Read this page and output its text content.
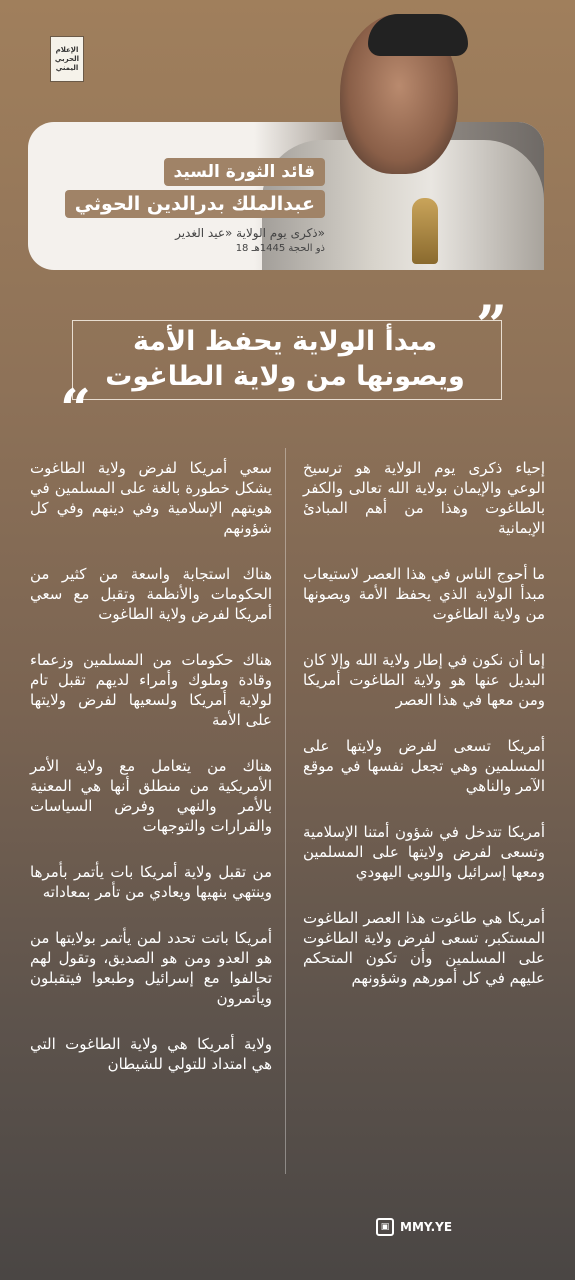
الإعلام الحربي اليمني
قائد الثورة السيد
عبدالملك بدرالدين الحوثي
ذكرى يوم الولاية «عيد الغدير»
18 ذو الحجة 1445هـ
”
“
مبدأ الولاية يحفظ الأمة
ويصونها من ولاية الطاغوت

إحياء ذكرى يوم الولاية هو ترسيخ الوعي والإيمان بولاية الله تعالى والكفر بالطاغوت وهذا من أهم المبادئ الإيمانية

ما أحوج الناس في هذا العصر لاستيعاب مبدأ الولاية الذي يحفظ الأمة ويصونها من ولاية الطاغوت

إما أن نكون في إطار ولاية الله وإلا كان البديل عنها هو ولاية الطاغوت أمريكا ومن معها في هذا العصر

أمريكا تسعى لفرض ولايتها على المسلمين وهي تجعل نفسها في موقع الآمر والناهي

أمريكا تتدخل في شؤون أمتنا الإسلامية وتسعى لفرض ولايتها على المسلمين ومعها إسرائيل واللوبي اليهودي

أمريكا هي طاغوت هذا العصر الطاغوت المستكبر، تسعى لفرض ولاية الطاغوت على المسلمين وأن تكون المتحكم عليهم في كل أمورهم وشؤونهم

سعي أمريكا لفرض ولاية الطاغوت يشكل خطورة بالغة على المسلمين في هويتهم الإسلامية وفي دينهم وفي كل شؤونهم

هناك استجابة واسعة من كثير من الحكومات والأنظمة وتقبل مع سعي أمريكا لفرض ولاية الطاغوت

هناك حكومات من المسلمين وزعماء وقادة وملوك وأمراء لديهم تقبل تام لولاية أمريكا ولسعيها لفرض ولايتها على الأمة

هناك من يتعامل مع ولاية الأمر الأمريكية من منطلق أنها هي المعنية بالأمر والنهي وفرض السياسات والقرارات والتوجهات

من تقبل ولاية أمريكا بات يأتمر بأمرها وينتهي بنهيها ويعادي من تأمر بمعاداته

أمريكا باتت تحدد لمن يأتمر بولايتها من هو العدو ومن هو الصديق، وتقول لهم تحالفوا مع إسرائيل وطبعوا فيتقبلون ويأتمرون

ولاية أمريكا هي ولاية الطاغوت التي هي امتداد للتولي للشيطان

▣ MMY.YE
